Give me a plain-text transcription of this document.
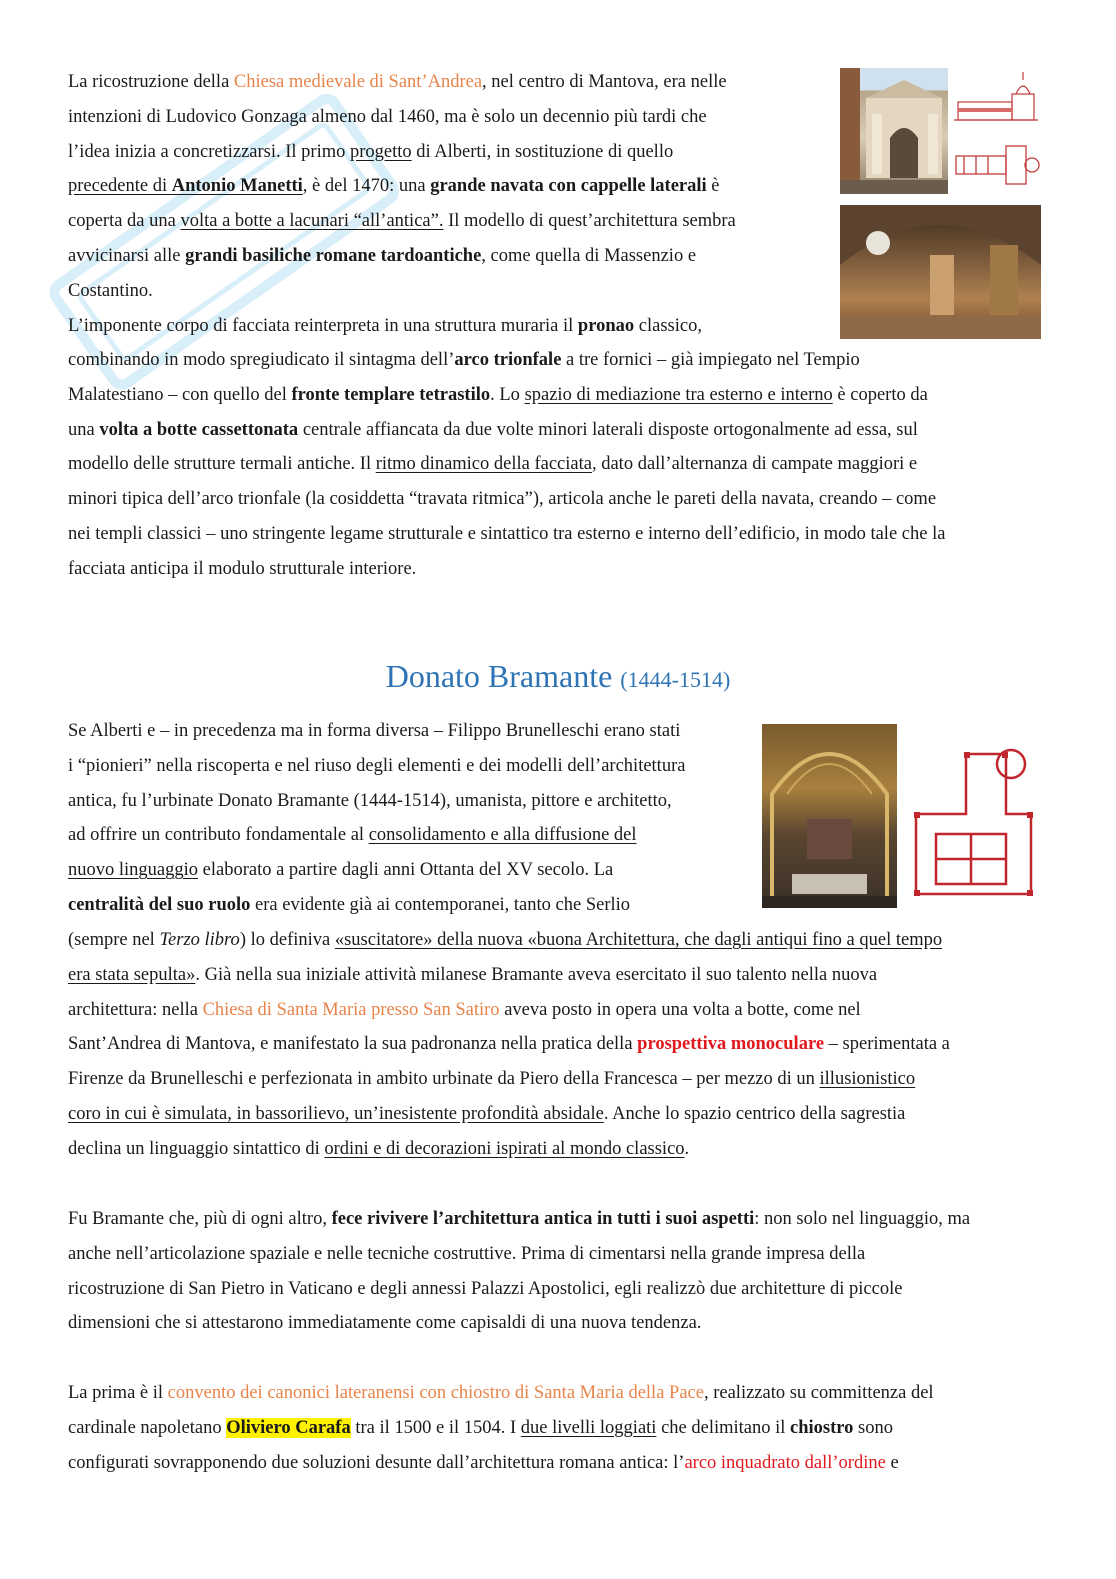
La ricostruzione della Chiesa medievale di Sant’Andrea, nel centro di Mantova, era nelle

intenzioni di Ludovico Gonzaga almeno dal 1460, ma è solo un decennio più tardi che

l’idea inizia a concretizzarsi. Il primo progetto di Alberti, in sostituzione di quello

precedente di Antonio Manetti, è del 1470: una grande navata con cappelle laterali è

coperta da una volta a botte a lacunari “all’antica”. Il modello di quest’architettura sembra

avvicinarsi alle grandi basiliche romane tardoantiche, come quella di Massenzio e

Costantino.

L’imponente corpo di facciata reinterpreta in una struttura muraria il pronao classico,

combinando in modo spregiudicato il sintagma dell’arco trionfale a tre fornici – già impiegato nel Tempio

Malatestiano – con quello del fronte templare tetrastilo. Lo spazio di mediazione tra esterno e interno è coperto da

una volta a botte cassettonata centrale affiancata da due volte minori laterali disposte ortogonalmente ad essa, sul

modello delle strutture termali antiche. Il ritmo dinamico della facciata, dato dall’alternanza di campate maggiori e

minori tipica dell’arco trionfale (la cosiddetta “travata ritmica”), articola anche le pareti della navata, creando – come

nei templi classici – uno stringente legame strutturale e sintattico tra esterno e interno dell’edificio, in modo tale che la

facciata anticipa il modulo strutturale interiore.

Donato Bramante (1444-1514)

Se Alberti e – in precedenza ma in forma diversa – Filippo Brunelleschi erano stati

i “pionieri” nella riscoperta e nel riuso degli elementi e dei modelli dell’architettura

antica, fu l’urbinate Donato Bramante (1444-1514), umanista, pittore e architetto,

ad offrire un contributo fondamentale al consolidamento e alla diffusione del

nuovo linguaggio elaborato a partire dagli anni Ottanta del XV secolo. La

centralità del suo ruolo era evidente già ai contemporanei, tanto che Serlio

(sempre nel Terzo libro) lo definiva «suscitatore» della nuova «buona Architettura, che dagli antiqui fino a quel tempo

era stata sepulta». Già nella sua iniziale attività milanese Bramante aveva esercitato il suo talento nella nuova

architettura: nella Chiesa di Santa Maria presso San Satiro aveva posto in opera una volta a botte, come nel

Sant’Andrea di Mantova, e manifestato la sua padronanza nella pratica della prospettiva monoculare – sperimentata a

Firenze da Brunelleschi e perfezionata in ambito urbinate da Piero della Francesca – per mezzo di un illusionistico

coro in cui è simulata, in bassorilievo, un’inesistente profondità absidale. Anche lo spazio centrico della sagrestia

declina un linguaggio sintattico di ordini e di decorazioni ispirati al mondo classico.

Fu Bramante che, più di ogni altro, fece rivivere l’architettura antica in tutti i suoi aspetti: non solo nel linguaggio, ma

anche nell’articolazione spaziale e nelle tecniche costruttive. Prima di cimentarsi nella grande impresa della

ricostruzione di San Pietro in Vaticano e degli annessi Palazzi Apostolici, egli realizzò due architetture di piccole

dimensioni che si attestarono immediatamente come capisaldi di una nuova tendenza.

La prima è il convento dei canonici lateranensi con chiostro di Santa Maria della Pace, realizzato su committenza del

cardinale napoletano Oliviero Carafa tra il 1500 e il 1504. I due livelli loggiati che delimitano il chiostro sono

configurati sovrapponendo due soluzioni desunte dall’architettura romana antica: l’arco inquadrato dall’ordine e
